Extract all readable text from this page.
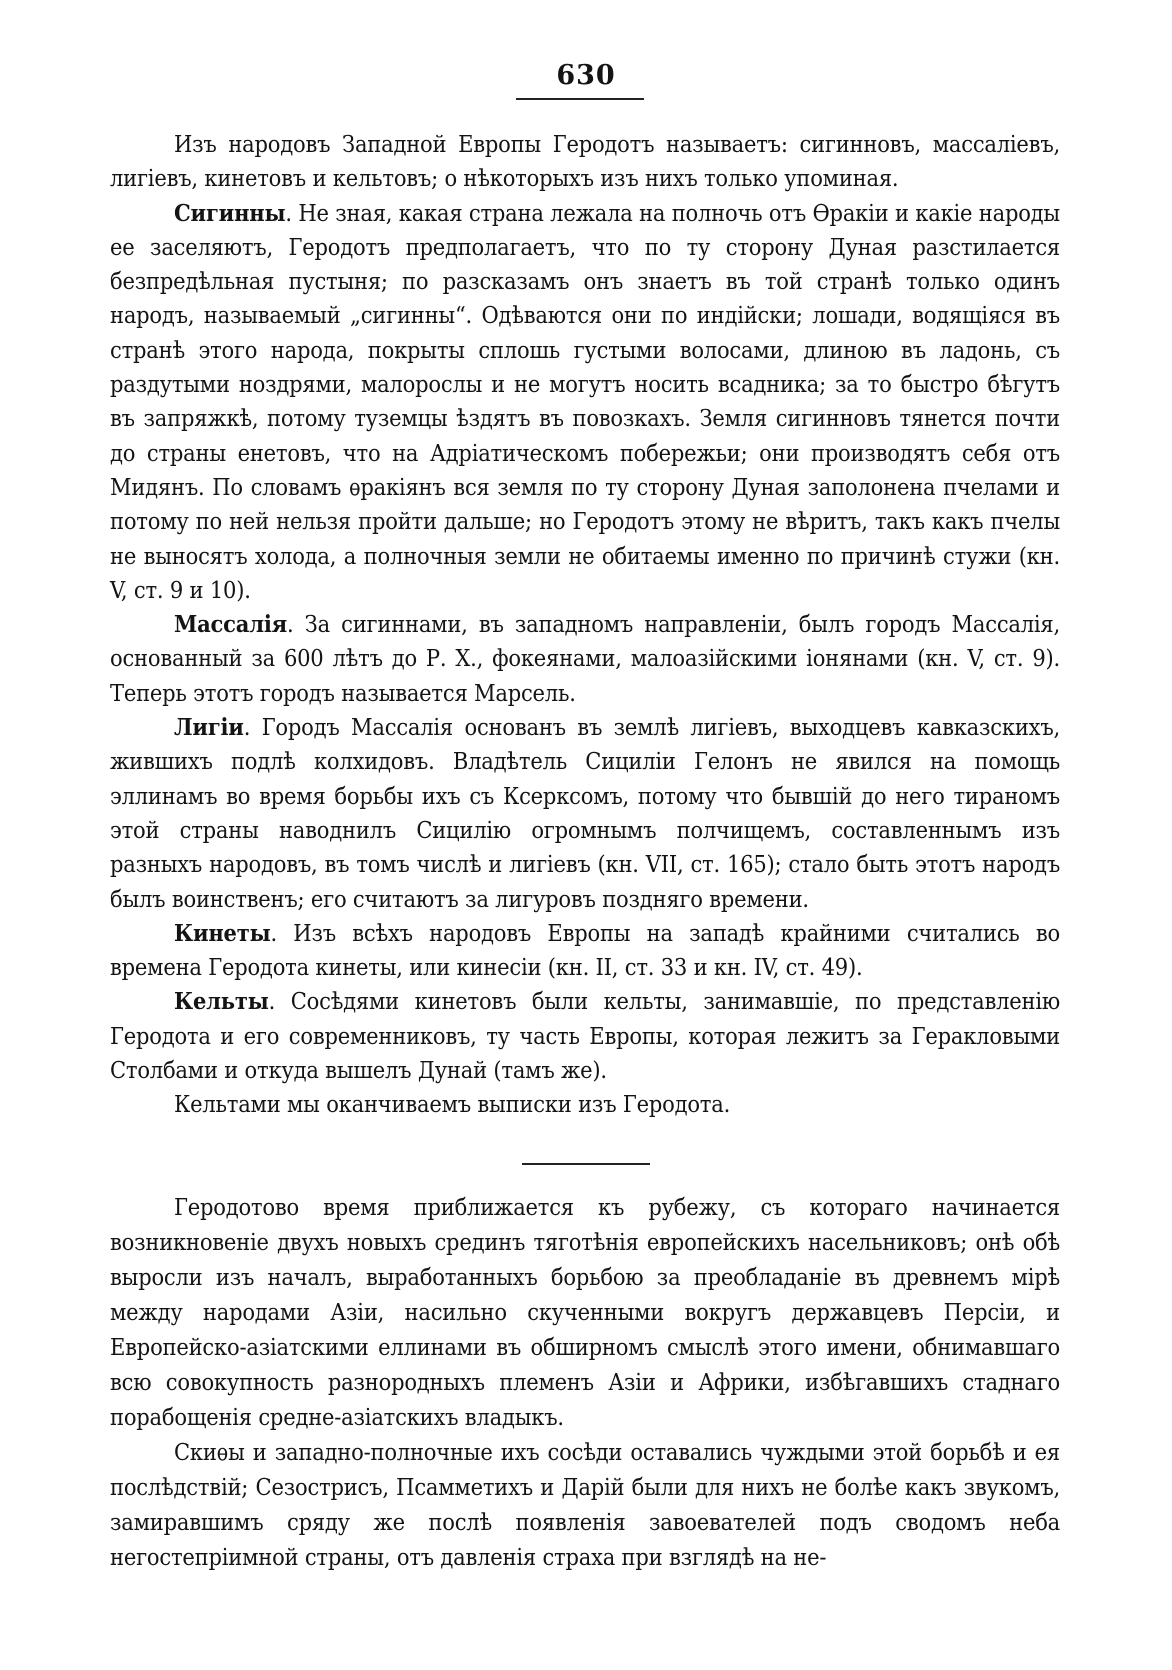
630

Изъ народовъ Западной Европы Геродотъ называетъ: сигинновъ, массаліевъ, лигіевъ, кинетовъ и кельтовъ; о нѣкоторыхъ изъ нихъ только упоминая.

Сигинны. Не зная, какая страна лежала на полночь отъ Ѳракіи и какіе народы ее заселяютъ, Геродотъ предполагаетъ, что по ту сторону Дуная разстилается безпредѣльная пустыня; по разсказамъ онъ знаетъ въ той странѣ только одинъ народъ, называемый „сигинны“. Одѣваются они по индійски; лошади, водящіяся въ странѣ этого народа, покрыты сплошь густыми волосами, длиною въ ладонь, съ раздутыми ноздрями, малорослы и не могутъ носить всадника; за то быстро бѣгутъ въ запряжкѣ, потому туземцы ѣздятъ въ повозкахъ. Земля сигинновъ тянется почти до страны енетовъ, что на Адріатическомъ побережьи; они производятъ себя отъ Мидянъ. По словамъ ѳракіянъ вся земля по ту сторону Дуная заполонена пчелами и потому по ней нельзя пройти дальше; но Геродотъ этому не вѣритъ, такъ какъ пчелы не выносятъ холода, а полночныя земли не обитаемы именно по причинѣ стужи (кн. V, ст. 9 и 10).

Массалія. За сигиннами, въ западномъ направленіи, былъ городъ Массалія, основанный за 600 лѣтъ до Р. Х., фокеянами, малоазійскими іонянами (кн. V, ст. 9). Теперь этотъ городъ называется Марсель.

Лигіи. Городъ Массалія основанъ въ землѣ лигіевъ, выходцевъ кавказскихъ, жившихъ подлѣ колхидовъ. Владѣтель Сициліи Гелонъ не явился на помощь эллинамъ во время борьбы ихъ съ Ксерксомъ, потому что бывшій до него тираномъ этой страны наводнилъ Сицилію огромнымъ полчищемъ, составленнымъ изъ разныхъ народовъ, въ томъ числѣ и лигіевъ (кн. VII, ст. 165); стало быть этотъ народъ былъ воинственъ; его считаютъ за лигуровъ поздняго времени.

Кинеты. Изъ всѣхъ народовъ Европы на западѣ крайними считались во времена Геродота кинеты, или кинесіи (кн. II, ст. 33 и кн. IV, ст. 49).

Кельты. Сосѣдями кинетовъ были кельты, занимавшіе, по представленію Геродота и его современниковъ, ту часть Европы, которая лежитъ за Геракловыми Столбами и откуда вышелъ Дунай (тамъ же).

Кельтами мы оканчиваемъ выписки изъ Геродота.

Геродотово время приближается къ рубежу, съ котораго начинается возникновеніе двухъ новыхъ срединъ тяготѣнія европейскихъ насельниковъ; онѣ обѣ выросли изъ началъ, выработанныхъ борьбою за преобладаніе въ древнемъ мірѣ между народами Азіи, насильно скученными вокругъ державцевъ Персіи, и Европейско-азіатскими еллинами въ обширномъ смыслѣ этого имени, обнимавшаго всю совокупность разнородныхъ племенъ Азіи и Африки, избѣгавшихъ стаднаго порабощенія средне-азіатскихъ владыкъ.

Скиѳы и западно-полночные ихъ сосѣди оставались чуждыми этой борьбѣ и ея послѣдствій; Сезострисъ, Псамметихъ и Дарій были для нихъ не болѣе какъ звукомъ, замиравшимъ сряду же послѣ появленія завоевателей подъ сводомъ неба негостепріимной страны, отъ давленія страха при взглядѣ на не-
